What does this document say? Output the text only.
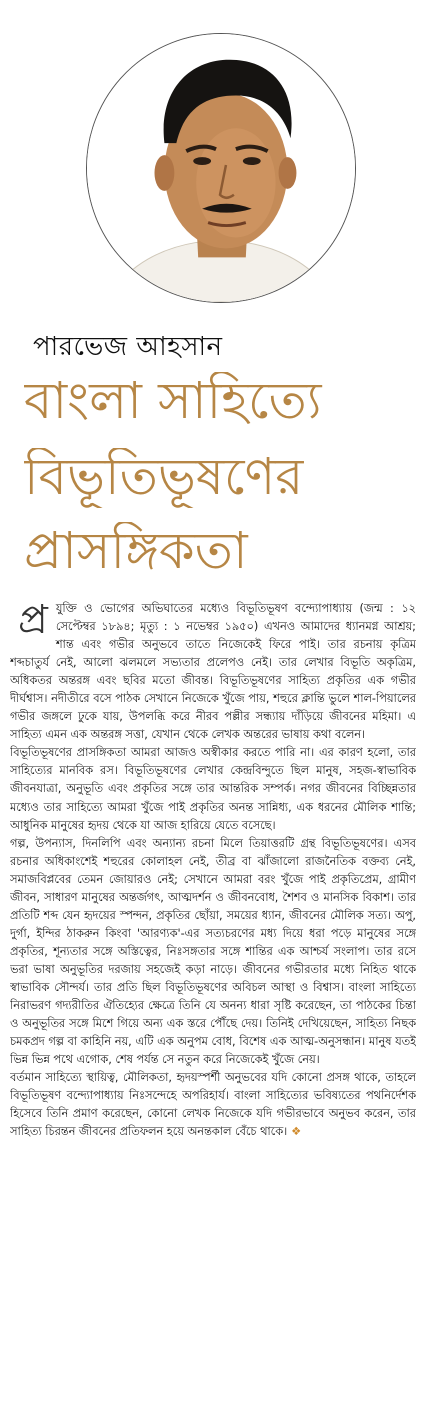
পারভেজ আহসান
বাংলা সাহিত্যে
বিভূতিভূষণের
প্রাসঙ্গিকতা
প্র যুক্তি ও ভোগের অভিঘাতের মধ্যেও বিভূতিভূষণ বন্দ্যোপাধ্যায় (জন্ম : ১২ সেপ্টেম্বর ১৮৯৪; মৃত্যু : ১ নভেম্বর ১৯৫০) এখনও আমাদের ধ্যানমগ্ন আশ্রয়; শান্ত এবং গভীর অনুভবে তাতে নিজেকেই ফিরে পাই। তার রচনায় কৃত্রিম শব্দচাতুর্য নেই, আলো ঝলমলে সভ্যতার প্রলেপও নেই। তার লেখার বিভূতি অকৃত্রিম, অধিকতর অন্তরঙ্গ এবং ছবির মতো জীবন্ত। বিভূতিভূষণের সাহিত্য প্রকৃতির এক গভীর দীর্ঘশ্বাস। নদীতীরে বসে পাঠক সেখানে নিজেকে খুঁজে পায়, শহুরে ক্লান্তি ভুলে শাল-পিয়ালের গভীর জঙ্গলে ঢুকে যায়, উপলব্ধি করে নীরব পল্লীর সন্ধ্যায় দাঁড়িয়ে জীবনের মহিমা। এ সাহিত্য এমন এক অন্তরঙ্গ সত্তা, যেখান থেকে লেখক অন্তরের ভাষায় কথা বলেন।

বিভূতিভূষণের প্রাসঙ্গিকতা আমরা আজও অস্বীকার করতে পারি না। এর কারণ হলো, তার সাহিত্যের মানবিক রস। বিভূতিভূষণের লেখার কেন্দ্রবিন্দুতে ছিল মানুষ, সহজ-স্বাভাবিক জীবনযাত্রা, অনুভূতি এবং প্রকৃতির সঙ্গে তার আন্তরিক সম্পর্ক। নগর জীবনের বিচ্ছিন্নতার মধ্যেও তার সাহিত্যে আমরা খুঁজে পাই প্রকৃতির অনন্ত সান্নিধ্য, এক ধরনের মৌলিক শান্তি; আধুনিক মানুষের হৃদয় থেকে যা আজ হারিয়ে যেতে বসেছে।

গল্প, উপন্যাস, দিনলিপি এবং অন্যান্য রচনা মিলে তিয়াত্তরটি গ্রন্থ বিভূতিভূষণের। এসব রচনার অধিকাংশেই শহুরের কোলাহল নেই, তীব্র বা ঝাঁজালো রাজনৈতিক বক্তব্য নেই, সমাজবিপ্লবের তেমন জোয়ারও নেই; সেখানে আমরা বরং খুঁজে পাই প্রকৃতিপ্রেম, গ্রামীণ জীবন, সাধারণ মানুষের অন্তর্জগৎ, আত্মদর্শন ও জীবনবোধ, শৈশব ও মানসিক বিকাশ। তার প্রতিটি শব্দ যেন হৃদয়ের স্পন্দন, প্রকৃতির ছোঁয়া, সময়ের ধ্যান, জীবনের মৌলিক সত্য। অপু, দুর্গা, ইন্দির ঠাকরুন কিংবা 'আরণ্যক'-এর সত্যচরণের মধ্য দিয়ে ধরা পড়ে মানুষের সঙ্গে প্রকৃতির, শূন্যতার সঙ্গে অস্তিত্বের, নিঃসঙ্গতার সঙ্গে শান্তির এক আশ্চর্য সংলাপ। তার রসে ভরা ভাষা অনুভূতির দরজায় সহজেই কড়া নাড়ে। জীবনের গভীরতার মধ্যে নিহিত থাকে স্বাভাবিক সৌন্দর্য। তার প্রতি ছিল বিভূতিভূষণের অবিচল আস্থা ও বিশ্বাস। বাংলা সাহিত্যে নিরাভরণ গদ্যরীতির ঐতিহ্যের ক্ষেত্রে তিনি যে অনন্য ধারা সৃষ্টি করেছেন, তা পাঠকের চিন্তা ও অনুভূতির সঙ্গে মিশে গিয়ে অন্য এক স্তরে পৌঁছে দেয়। তিনিই দেখিয়েছেন, সাহিত্য নিছক চমকপ্রদ গল্প বা কাহিনি নয়, এটি এক অনুপম বোধ, বিশেষ এক আত্ম-অনুসন্ধান। মানুষ যতই ভিন্ন ভিন্ন পথে এগোক, শেষ পর্যন্ত সে নতুন করে নিজেকেই খুঁজে নেয়।

বর্তমান সাহিত্যে স্থায়িত্ব, মৌলিকতা, হৃদয়স্পর্শী অনুভবের যদি কোনো প্রসঙ্গ থাকে, তাহলে বিভূতিভূষণ বন্দ্যোপাধ্যায় নিঃসন্দেহে অপরিহার্য। বাংলা সাহিত্যের ভবিষ্যতের পথনির্দেশক হিসেবে তিনি প্রমাণ করেছেন, কোনো লেখক নিজেকে যদি গভীরভাবে অনুভব করেন, তার সাহিত্য চিরন্তন জীবনের প্রতিফলন হয়ে অনন্তকাল বেঁচে থাকে। ❖
